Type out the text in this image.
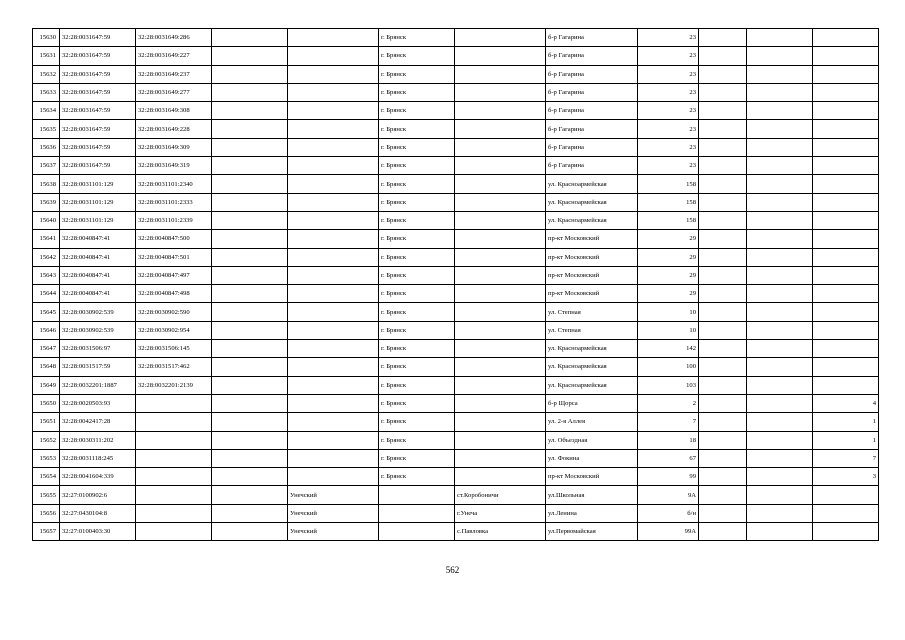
15630	32:28:0031647:59	32:28:0031649:286			г. Брянск		б-р Гагарина	23			
15631	32:28:0031647:59	32:28:0031649:227			г. Брянск		б-р Гагарина	23			
15632	32:28:0031647:59	32:28:0031649:237			г. Брянск		б-р Гагарина	23			
15633	32:28:0031647:59	32:28:0031649:277			г. Брянск		б-р Гагарина	23			
15634	32:28:0031647:59	32:28:0031649:308			г. Брянск		б-р Гагарина	23			
15635	32:28:0031647:59	32:28:0031649:228			г. Брянск		б-р Гагарина	23			
15636	32:28:0031647:59	32:28:0031649:309			г. Брянск		б-р Гагарина	23			
15637	32:28:0031647:59	32:28:0031649:319			г. Брянск		б-р Гагарина	23			
15638	32:28:0031101:129	32:28:0031101:2340			г. Брянск		ул. Красноармейская	158			
15639	32:28:0031101:129	32:28:0031101:2333			г. Брянск		ул. Красноармейская	158			
15640	32:28:0031101:129	32:28:0031101:2339			г. Брянск		ул. Красноармейская	158			
15641	32:28:0040847:41	32:28:0040847:500			г. Брянск		пр-кт Московский	29			
15642	32:28:0040847:41	32:28:0040847:501			г. Брянск		пр-кт Московский	29			
15643	32:28:0040847:41	32:28:0040847:497			г. Брянск		пр-кт Московский	29			
15644	32:28:0040847:41	32:28:0040847:498			г. Брянск		пр-кт Московский	29			
15645	32:28:0030902:539	32:28:0030902:590			г. Брянск		ул. Степная	10			
15646	32:28:0030902:539	32:28:0030902:954			г. Брянск		ул. Степная	10			
15647	32:28:0031506:97	32:28:0031506:145			г. Брянск		ул. Красноармейская	142			
15648	32:28:0031517:59	32:28:0031517:462			г. Брянск		ул. Красноармейская	100			
15649	32:28:0032201:1887	32:28:0032201:2139			г. Брянск		ул. Красноармейская	103			
15650	32:28:0020503:93				г. Брянск		б-р Щорса	2			4
15651	32:28:0042417:28				г. Брянск		ул. 2-я Аллея	7			1
15652	32:28:0030311:202				г. Брянск		ул. Объездная	18			1
15653	32:28:0031118:245				г. Брянск		ул. Фокина	67			7
15654	32:28:0041604:339				г. Брянск		пр-кт Московский	99			3
15655	32:27:0100902:6			Унечский		ст.Коробоничи	ул.Школьная	9А			
15656	32:27:0430104:8			Унечский		г.Унеча	ул.Ленина	б/н			
15657	32:27:0100403:30			Унечский		с.Павловка	ул.Первомайская	99А			
562
